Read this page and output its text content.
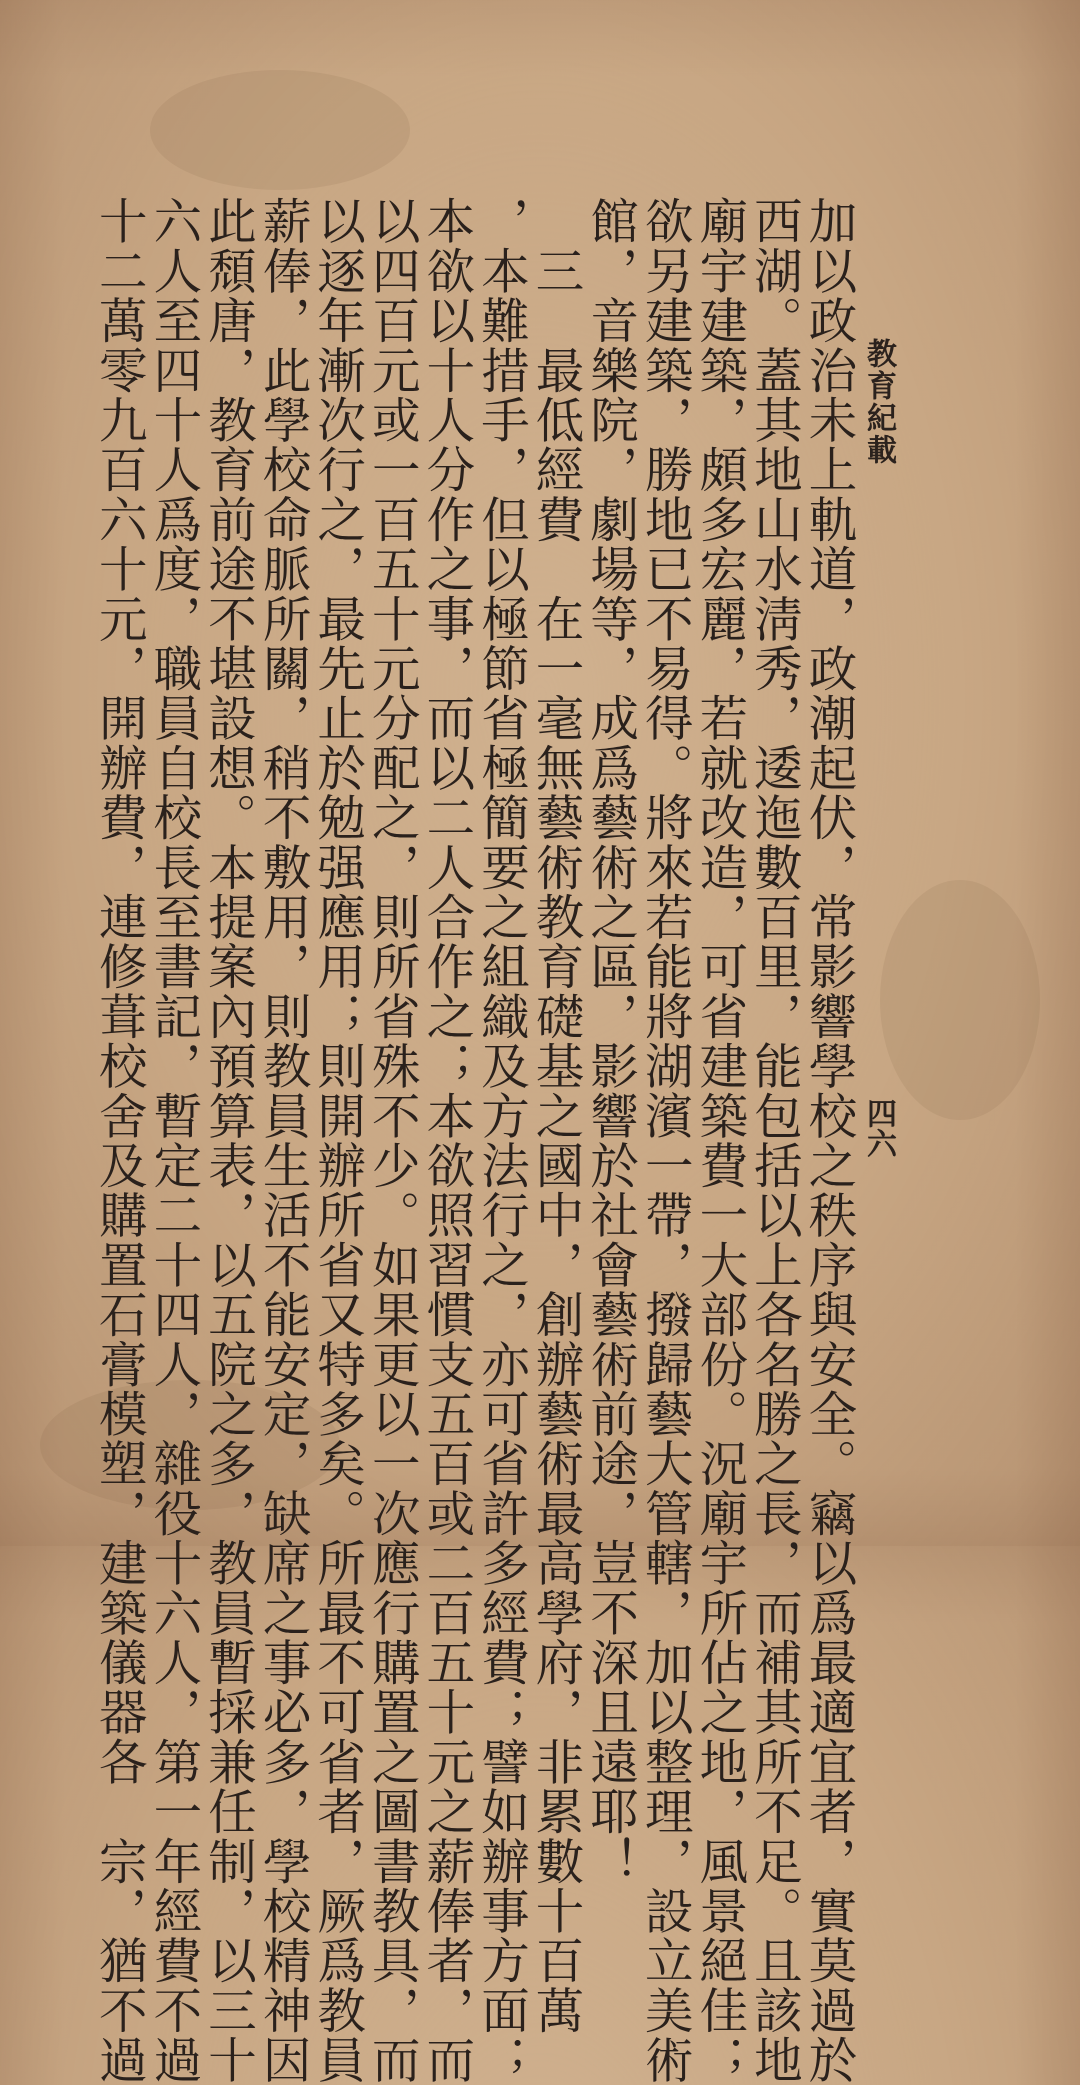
教育紀載
四六
加以政治未上軌道，政潮起伏，常影響學校之秩序與安全。竊以爲最適宜者，實莫過於
西湖。蓋其地山水淸秀，逶迤數百里，能包括以上各名勝之長，而補其所不足。且該地
廟宇建築，頗多宏麗，若就改造，可省建築費一大部份。況廟宇所佔之地，風景絕佳；
欲另建築，勝地已不易得。將來若能將湖濱一帶，撥歸藝大管轄，加以整理，設立美術
館，音樂院，劇場等，成爲藝術之區，影響於社會藝術前途，豈不深且遠耶！
　三　最低經費　在一毫無藝術教育礎基之國中，創辦藝術最高學府，非累數十百萬
，本難措手，但以極節省極簡要之組織及方法行之，亦可省許多經費；譬如辦事方面；
本欲以十人分作之事，而以二人合作之；本欲照習慣支五百或二百五十元之薪俸者，而
以四百元或一百五十元分配之，則所省殊不少。如果更以一次應行購置之圖書教具，而
以逐年漸次行之，最先止於勉强應用；則開辦所省又特多矣。所最不可省者，厥爲教員
薪俸，此學校命脈所關，稍不敷用，則教員生活不能安定，缺席之事必多，學校精神因
此頹唐，教育前途不堪設想。本提案內預算表，以五院之多，教員暫採兼任制，以三十
六人至四十人爲度，職員自校長至書記，暫定二十四人，雜役十六人，第一年經費不過
十二萬零九百六十元，開辦費，連修葺校舍及購置石膏模塑，建築儀器各　宗，猶不過
